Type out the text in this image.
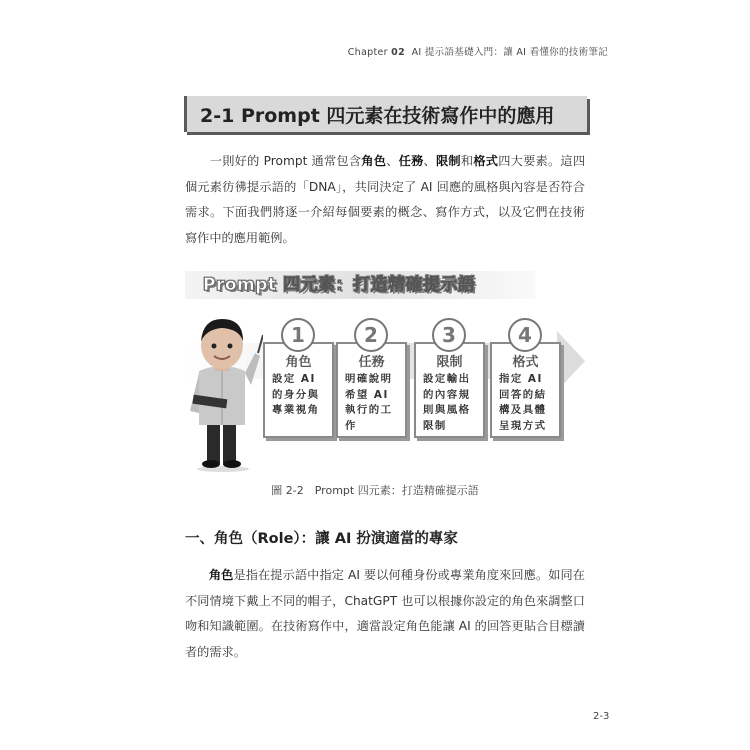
Chapter 02 AI 提示語基礎入門：讓 AI 看懂你的技術筆記
2-1 Prompt 四元素在技術寫作中的應用
一則好的 Prompt 通常包含角色、任務、限制和格式四大要素。這四個元素彷彿提示語的「DNA」，共同決定了 AI 回應的風格與內容是否符合需求。下面我們將逐一介紹每個要素的概念、寫作方式，以及它們在技術寫作中的應用範例。
Prompt 四元素：打造精確提示語
1
角色
設定 AI 的身分與專業視角
2
任務
明確說明希望 AI 執行的工作
3
限制
設定輸出的內容規則與風格限制
4
格式
指定 AI 回答的結構及具體呈現方式
圖 2-2　Prompt 四元素：打造精確提示語
一、角色（Role）：讓 AI 扮演適當的專家
角色是指在提示語中指定 AI 要以何種身份或專業角度來回應。如同在不同情境下戴上不同的帽子，ChatGPT 也可以根據你設定的角色來調整口吻和知識範圍。在技術寫作中，適當設定角色能讓 AI 的回答更貼合目標讀者的需求。
2-3
